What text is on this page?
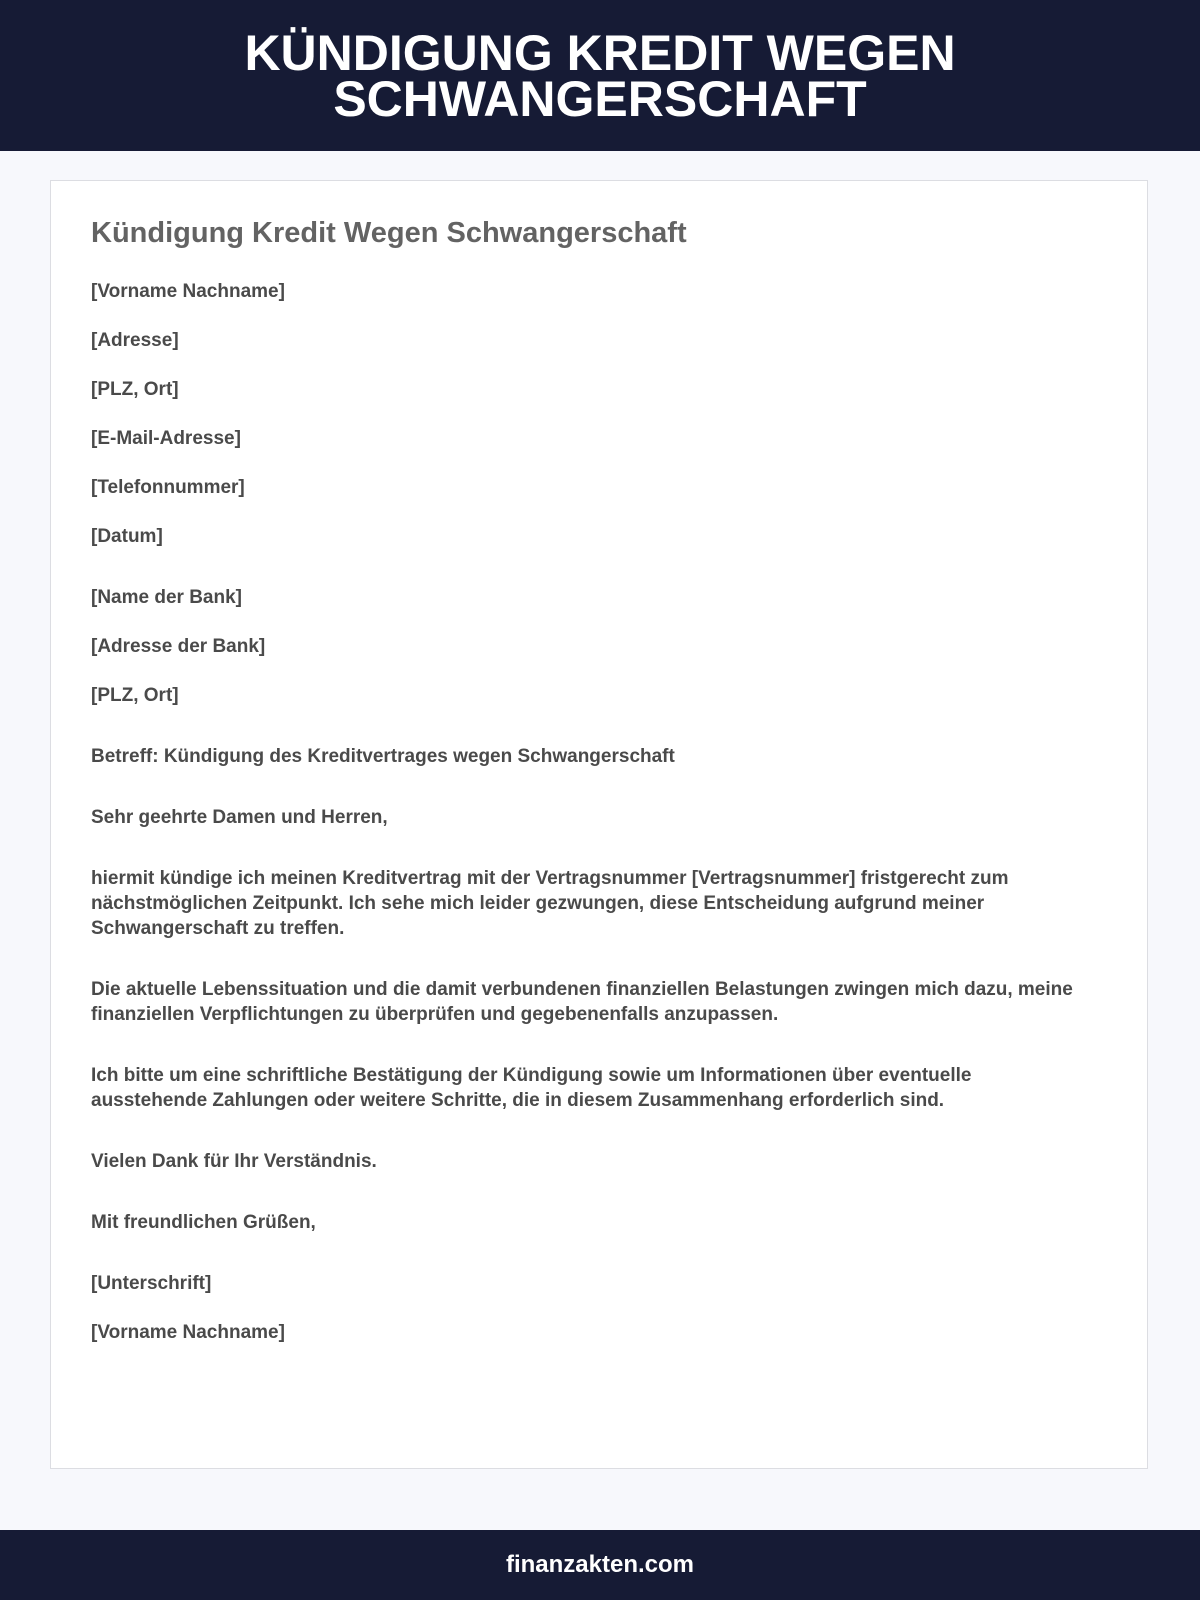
KÜNDIGUNG KREDIT WEGEN SCHWANGERSCHAFT
Kündigung Kredit Wegen Schwangerschaft

[Vorname Nachname]

[Adresse]

[PLZ, Ort]

[E-Mail-Adresse]

[Telefonnummer]

[Datum]

[Name der Bank]

[Adresse der Bank]

[PLZ, Ort]

Betreff: Kündigung des Kreditvertrages wegen Schwangerschaft

Sehr geehrte Damen und Herren,

hiermit kündige ich meinen Kreditvertrag mit der Vertragsnummer [Vertragsnummer] fristgerecht zum nächstmöglichen Zeitpunkt. Ich sehe mich leider gezwungen, diese Entscheidung aufgrund meiner Schwangerschaft zu treffen.

Die aktuelle Lebenssituation und die damit verbundenen finanziellen Belastungen zwingen mich dazu, meine finanziellen Verpflichtungen zu überprüfen und gegebenenfalls anzupassen.

Ich bitte um eine schriftliche Bestätigung der Kündigung sowie um Informationen über eventuelle ausstehende Zahlungen oder weitere Schritte, die in diesem Zusammenhang erforderlich sind.

Vielen Dank für Ihr Verständnis.

Mit freundlichen Grüßen,

[Unterschrift]

[Vorname Nachname]

finanzakten.com
